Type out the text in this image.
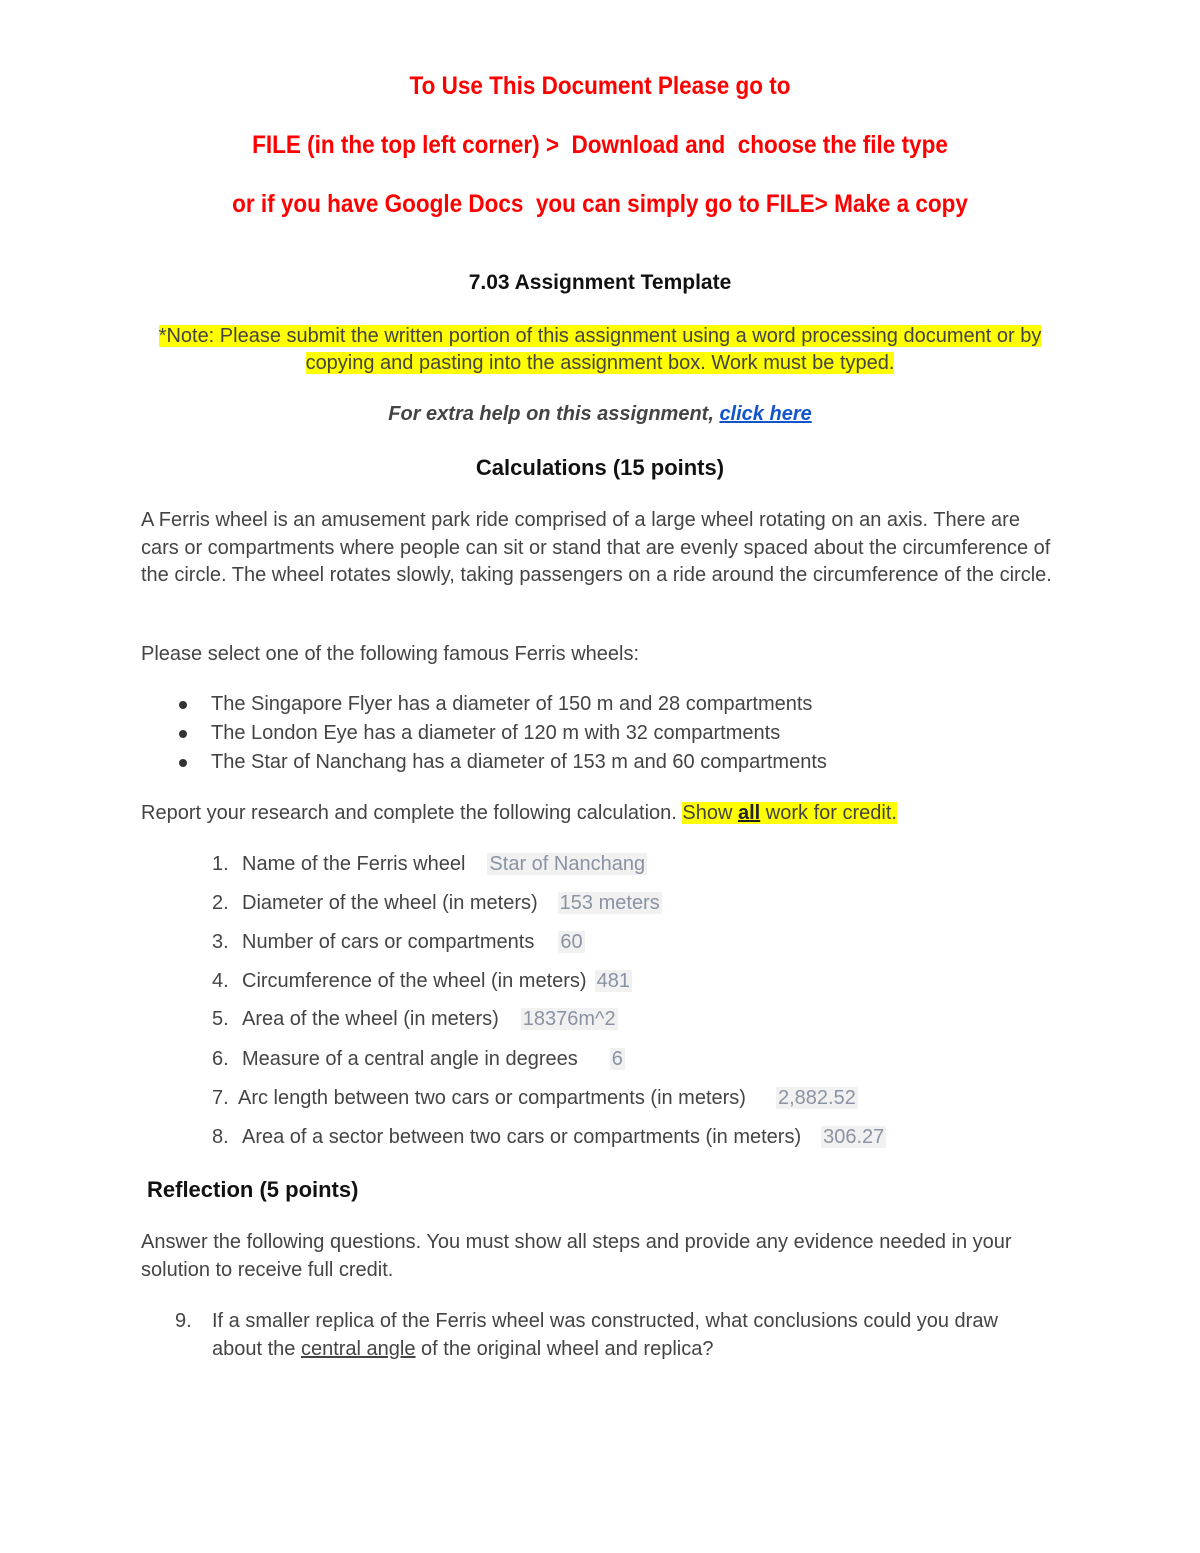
To Use This Document Please go to
FILE (in the top left corner) >  Download and  choose the file type
or if you have Google Docs  you can simply go to FILE> Make a copy
7.03 Assignment Template
*Note: Please submit the written portion of this assignment using a word processing document or by
copying and pasting into the assignment box. Work must be typed.
For extra help on this assignment, click here
Calculations (15 points)
A Ferris wheel is an amusement park ride comprised of a large wheel rotating on an axis. There are cars or compartments where people can sit or stand that are evenly spaced about the circumference of the circle. The wheel rotates slowly, taking passengers on a ride around the circumference of the circle.
Please select one of the following famous Ferris wheels:
The Singapore Flyer has a diameter of 150 m and 28 compartments
The London Eye has a diameter of 120 m with 32 compartments
The Star of Nanchang has a diameter of 153 m and 60 compartments
Report your research and complete the following calculation. Show all work for credit.
1. Name of the Ferris wheel Star of Nanchang
2. Diameter of the wheel (in meters) 153 meters
3. Number of cars or compartments 60
4. Circumference of the wheel (in meters) 481
5. Area of the wheel (in meters) 18376m^2
6. Measure of a central angle in degrees 6
7. Arc length between two cars or compartments (in meters) 2,882.52
8. Area of a sector between two cars or compartments (in meters) 306.27
Reflection (5 points)
Answer the following questions. You must show all steps and provide any evidence needed in your solution to receive full credit.
9. If a smaller replica of the Ferris wheel was constructed, what conclusions could you draw
about the central angle of the original wheel and replica?
